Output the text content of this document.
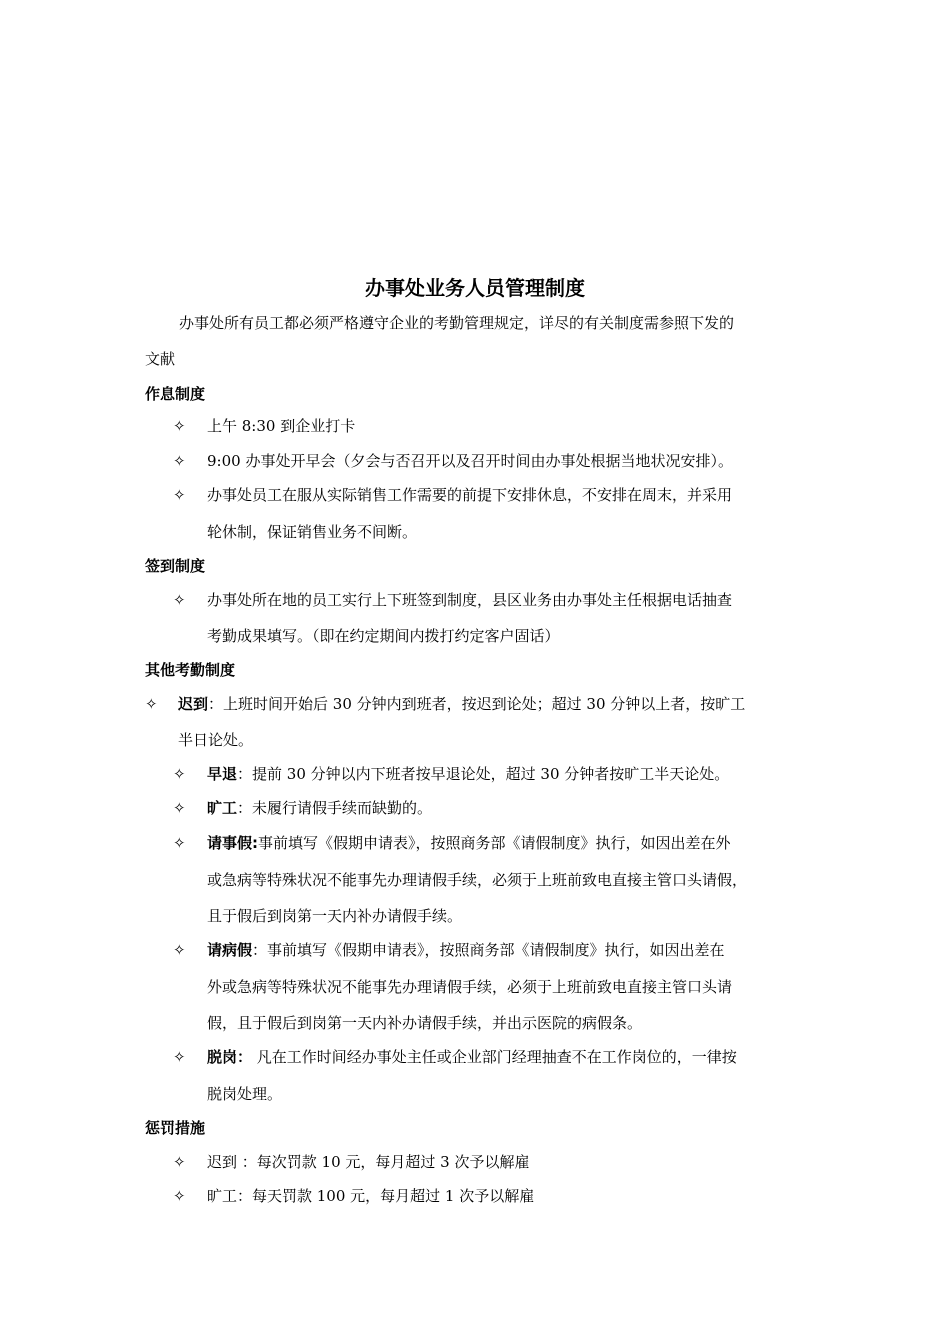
办事处业务人员管理制度
办事处所有员工都必须严格遵守企业的考勤管理规定，详尽的有关制度需参照下发的
文献
作息制度
✧ 上午 8:30 到企业打卡
✧ 9:00 办事处开早会（夕会与否召开以及召开时间由办事处根据当地状况安排）。
✧ 办事处员工在服从实际销售工作需要的前提下安排休息，不安排在周末，并采用
轮休制，保证销售业务不间断。
签到制度
✧ 办事处所在地的员工实行上下班签到制度，县区业务由办事处主任根据电话抽查
考勤成果填写。（即在约定期间内拨打约定客户固话）
其他考勤制度
✧ 迟到：上班时间开始后 30 分钟内到班者，按迟到论处；超过 30 分钟以上者，按旷工
半日论处。
✧ 早退：提前 30 分钟以内下班者按早退论处，超过 30 分钟者按旷工半天论处。
✧ 旷工：未履行请假手续而缺勤的。
✧ 请事假:事前填写《假期申请表》，按照商务部《请假制度》执行，如因出差在外
或急病等特殊状况不能事先办理请假手续，必须于上班前致电直接主管口头请假，
且于假后到岗第一天内补办请假手续。
✧ 请病假：事前填写《假期申请表》，按照商务部《请假制度》执行，如因出差在
外或急病等特殊状况不能事先办理请假手续，必须于上班前致电直接主管口头请
假，且于假后到岗第一天内补办请假手续，并出示医院的病假条。
✧ 脱岗： 凡在工作时间经办事处主任或企业部门经理抽查不在工作岗位的，一律按
脱岗处理。
惩罚措施
✧ 迟到 ：每次罚款 10 元，每月超过 3 次予以解雇
✧ 旷工：每天罚款 100 元，每月超过 1 次予以解雇
